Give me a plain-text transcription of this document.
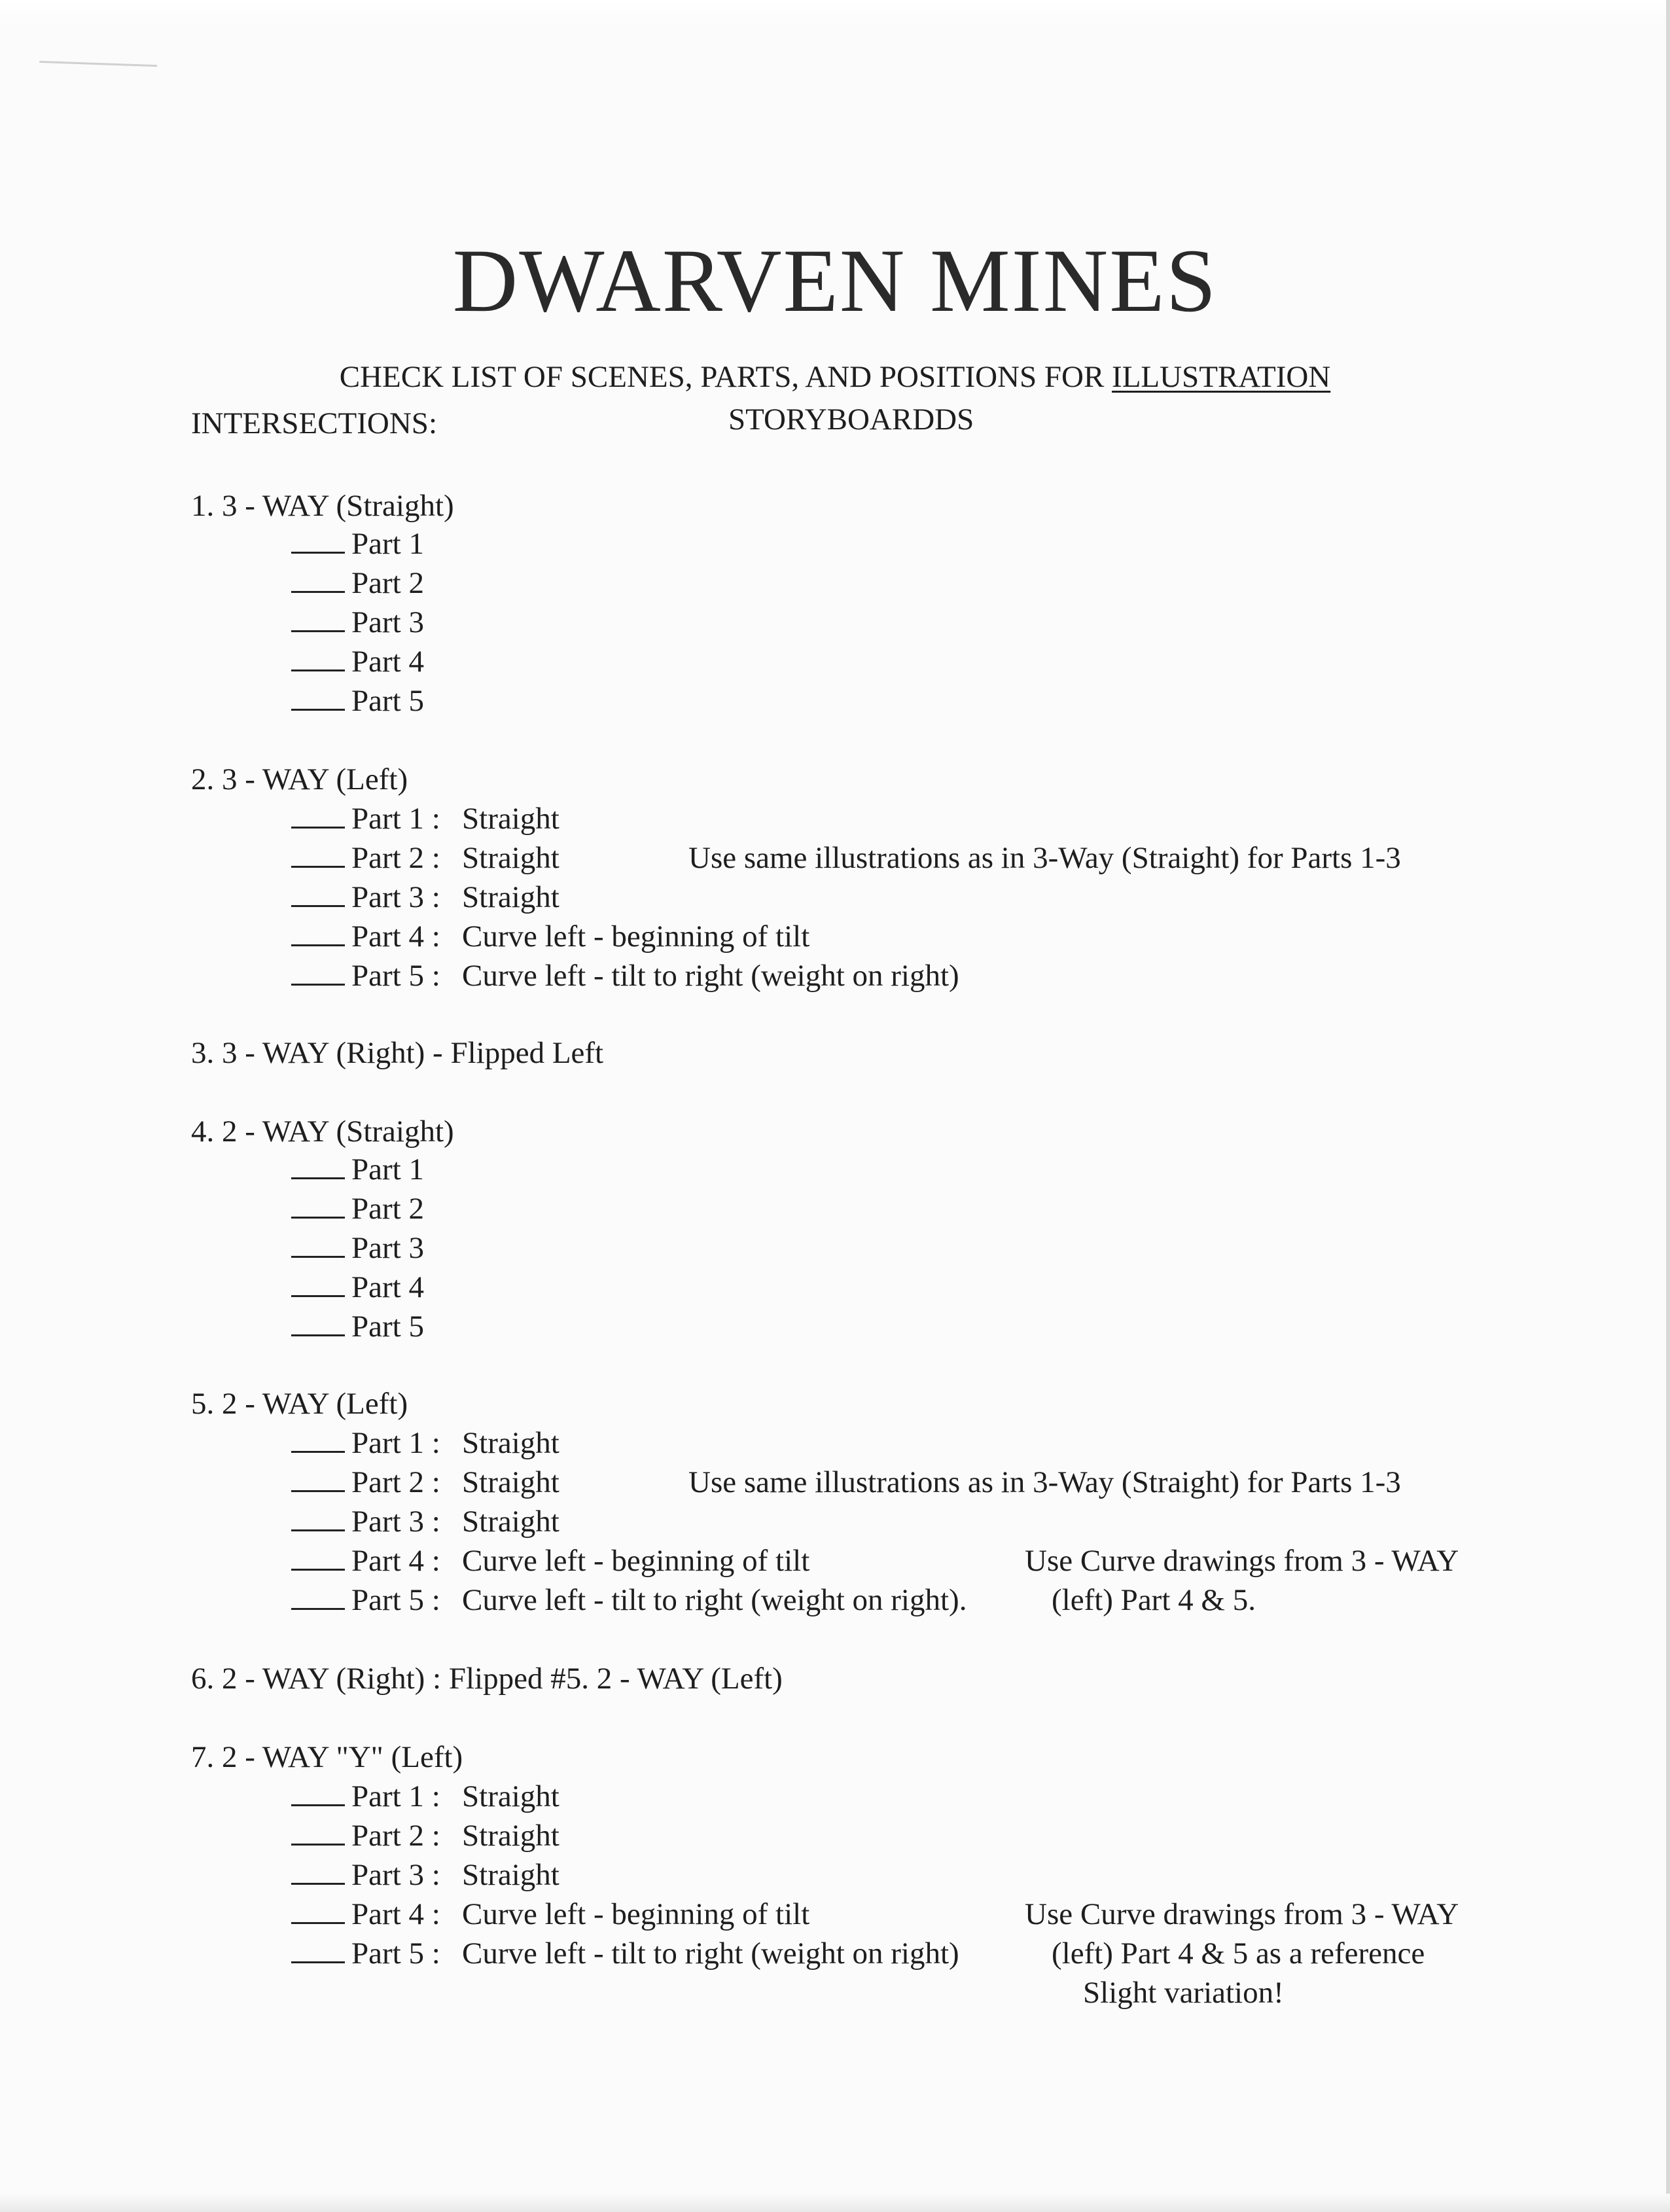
DWARVEN MINES
CHECK LIST OF SCENES, PARTS, AND POSITIONS FOR ILLUSTRATION
INTERSECTIONS:	STORYBOARDDS
1. 3 - WAY (Straight)
Part 1
Part 2
Part 3
Part 4
Part 5
2. 3 - WAY (Left)
Part 1 : Straight
Part 2 : Straight	Use same illustrations as in 3-Way (Straight) for Parts 1-3
Part 3 : Straight
Part 4 : Curve left - beginning of tilt
Part 5 : Curve left - tilt to right (weight on right)
3. 3 - WAY (Right) - Flipped Left
4. 2 - WAY (Straight)
Part 1
Part 2
Part 3
Part 4
Part 5
5. 2 - WAY (Left)
Part 1 : Straight
Part 2 : Straight	Use same illustrations as in 3-Way (Straight) for Parts 1-3
Part 3 : Straight
Part 4 : Curve left - beginning of tilt	Use Curve drawings from 3 - WAY
Part 5 : Curve left - tilt to right (weight on right).	(left) Part 4 & 5.
6. 2 - WAY (Right) : Flipped #5. 2 - WAY (Left)
7. 2 - WAY "Y" (Left)
Part 1 : Straight
Part 2 : Straight
Part 3 : Straight
Part 4 : Curve left - beginning of tilt	Use Curve drawings from 3 - WAY
Part 5 : Curve left - tilt to right (weight on right)	(left) Part 4 & 5 as a reference
Slight variation!
